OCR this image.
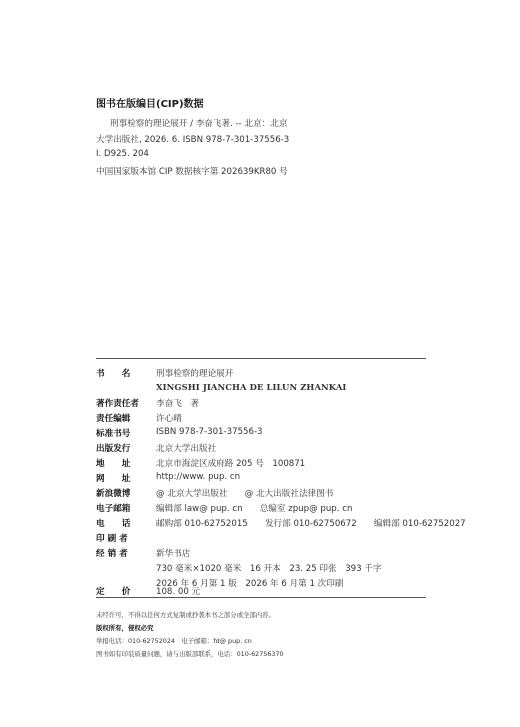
图书在版编目(CIP)数据
刑事检察的理论展开 / 李奋飞著. -- 北京：北京
大学出版社, 2026. 6. ISBN 978-7-301-37556-3
Ⅰ. D925. 204
中国国家版本馆 CIP 数据核字第 202639KR80 号
书　　名	刑事检察的理论展开
XINGSHI JIANCHA DE LILUN ZHANKAI
著作责任者	李奋飞　著
责任编辑	许心晴
标准书号	ISBN 978-7-301-37556-3
出版发行	北京大学出版社
地　　址	北京市海淀区成府路 205 号　100871
网　　址	http://www. pup. cn
新浪微博	@ 北京大学出版社　　@ 北大出版社法律图书
电子邮箱	编辑部 law@ pup. cn　　总编室 zpup@ pup. cn
电　　话	邮购部 010-62752015　　发行部 010-62750672　　编辑部 010-62752027
印 刷 者
经 销 者	新华书店
730 毫米×1020 毫米　16 开本　23. 25 印张　393 千字
2026 年 6 月第 1 版　2026 年 6 月第 1 次印刷
定　　价	108. 00 元
未经许可，不得以任何方式复制或抄袭本书之部分或全部内容。
版权所有，侵权必究
举报电话：010-62752024　电子邮箱：fd@ pup. cn
图书如有印装质量问题，请与出版部联系，电话：010-62756370
